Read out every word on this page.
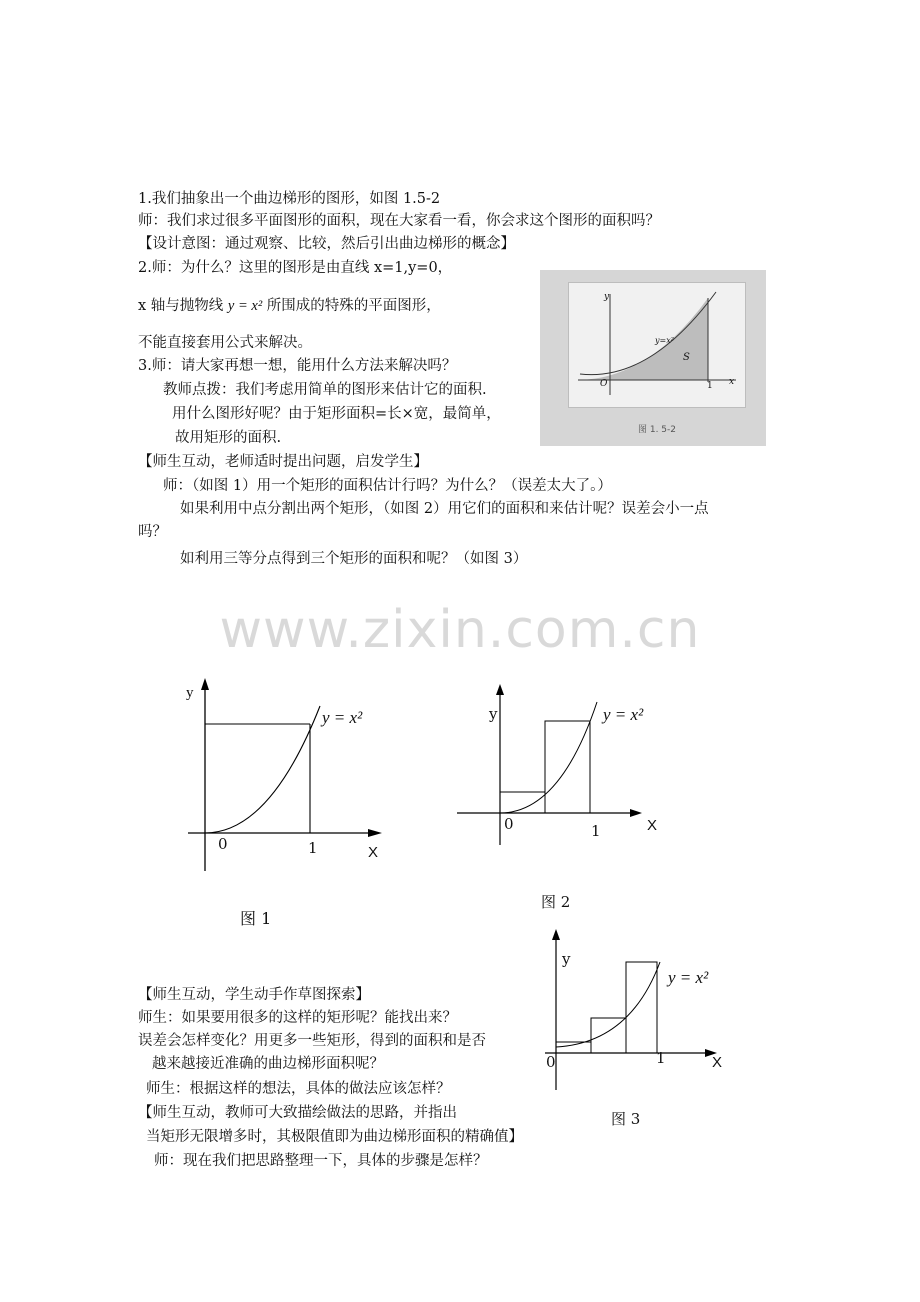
1.我们抽象出一个曲边梯形的图形，如图 1.5-2
师：我们求过很多平面图形的面积，现在大家看一看，你会求这个图形的面积吗？
【设计意图：通过观察、比较，然后引出曲边梯形的概念】
2.师：为什么？这里的图形是由直线 x=1,y=0，
x 轴与抛物线 y = x² 所围成的特殊的平面图形，
不能直接套用公式来解决。
3.师：请大家再想一想，能用什么方法来解决吗？
教师点拨：我们考虑用简单的图形来估计它的面积.
用什么图形好呢？由于矩形面积=长×宽，最简单，
故用矩形的面积.
【师生互动，老师适时提出问题，启发学生】
师：（如图 1）用一个矩形的面积估计行吗？为什么？（误差太大了。）
如果利用中点分割出两个矩形，（如图 2）用它们的面积和来估计呢？误差会小一点
吗？
如利用三等分点得到三个矩形的面积和呢？（如图 3）
y
x
O	1
y=x²
S
图 1. 5-2
www.zixin.com.cn
y
X
0	1
y = x²
图 1
y
X
0	1
y = x²
图 2
y
X
0	1
y = x²
图 3
【师生互动，学生动手作草图探索】
师生：如果要用很多的这样的矩形呢？能找出来？
误差会怎样变化？用更多一些矩形，得到的面积和是否
越来越接近准确的曲边梯形面积呢？
师生：根据这样的想法，具体的做法应该怎样？
【师生互动，教师可大致描绘做法的思路，并指出
当矩形无限增多时，其极限值即为曲边梯形面积的精确值】
师：现在我们把思路整理一下，具体的步骤是怎样？
